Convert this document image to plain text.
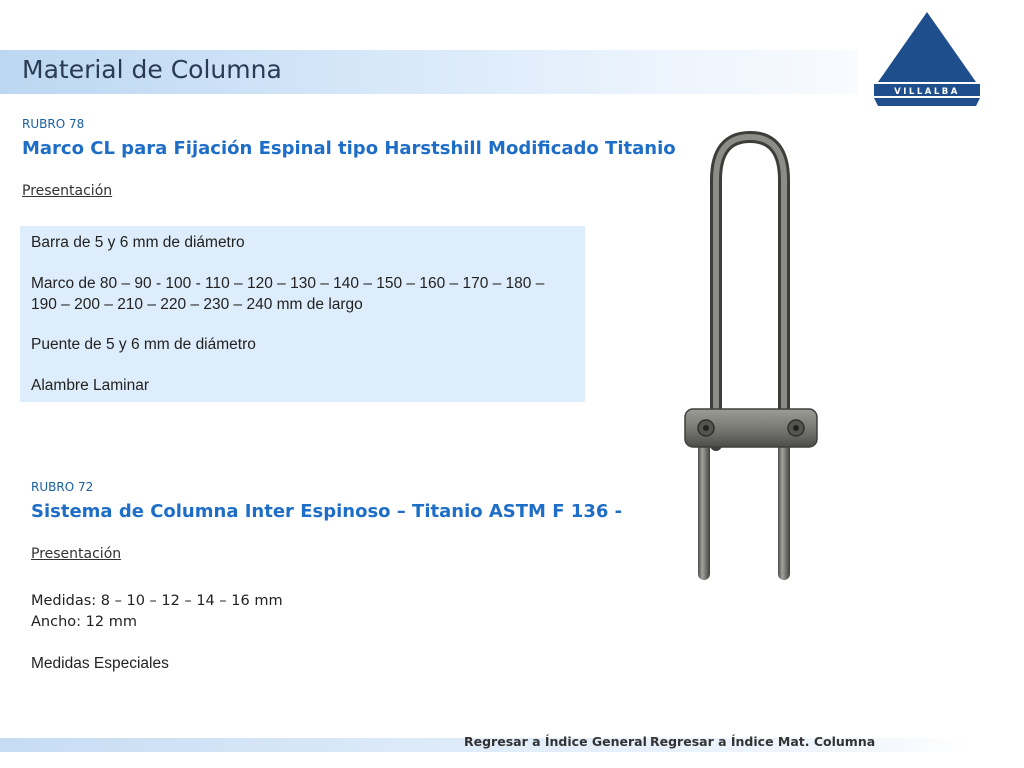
Material de Columna
VILLALBA
RUBRO 78
Marco CL para Fijación Espinal tipo Harstshill Modificado Titanio
Presentación
Barra de 5 y 6 mm de diámetro
Marco de 80 – 90 - 100 - 110 – 120 – 130 – 140 – 150 – 160 – 170 – 180 –
190 – 200 – 210 – 220 – 230 – 240 mm de largo
Puente de 5 y 6 mm de diámetro
Alambre Laminar
RUBRO 72
Sistema de Columna Inter Espinoso – Titanio ASTM F 136 -
Presentación
Medidas: 8 – 10 – 12 – 14 – 16 mm
Ancho: 12 mm
Medidas Especiales
Regresar a Índice General Regresar a Índice Mat. Columna
